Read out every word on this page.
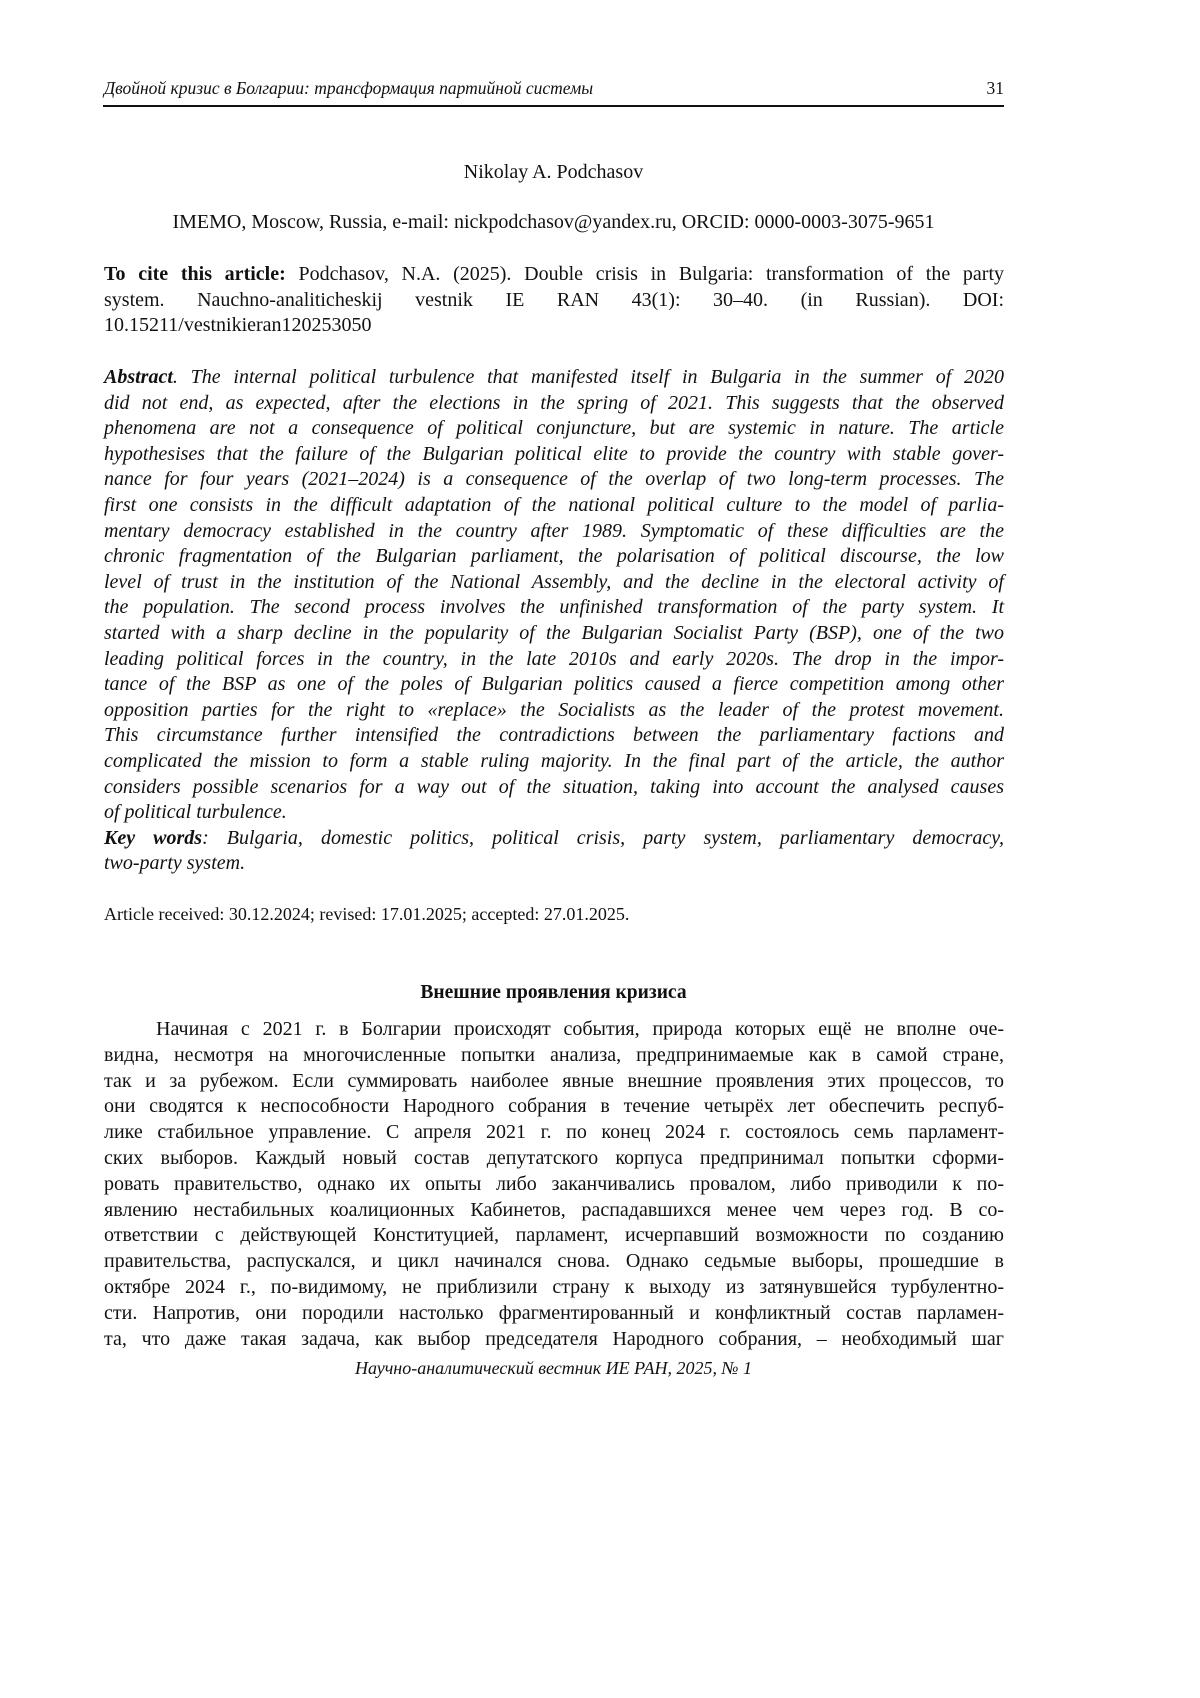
Двойной кризис в Болгарии: трансформация партийной системы	31
Nikolay A. Podchasov
IMEMO, Moscow, Russia, e-mail: nickpodchasov@yandex.ru, ORCID: 0000-0003-3075-9651
To cite this article: Podchasov, N.A. (2025). Double crisis in Bulgaria: transformation of the party
system. Nauchno-analiticheskij vestnik IE RAN 43(1): 30–40. (in Russian). DOI:
10.15211/vestnikieran120253050
Abstract. The internal political turbulence that manifested itself in Bulgaria in the summer of 2020
did not end, as expected, after the elections in the spring of 2021. This suggests that the observed
phenomena are not a consequence of political conjuncture, but are systemic in nature. The article
hypothesises that the failure of the Bulgarian political elite to provide the country with stable gover-
nance for four years (2021–2024) is a consequence of the overlap of two long-term processes. The
first one consists in the difficult adaptation of the national political culture to the model of parlia-
mentary democracy established in the country after 1989. Symptomatic of these difficulties are the
chronic fragmentation of the Bulgarian parliament, the polarisation of political discourse, the low
level of trust in the institution of the National Assembly, and the decline in the electoral activity of
the population. The second process involves the unfinished transformation of the party system. It
started with a sharp decline in the popularity of the Bulgarian Socialist Party (BSP), one of the two
leading political forces in the country, in the late 2010s and early 2020s. The drop in the impor-
tance of the BSP as one of the poles of Bulgarian politics caused a fierce competition among other
opposition parties for the right to «replace» the Socialists as the leader of the protest movement.
This circumstance further intensified the contradictions between the parliamentary factions and
complicated the mission to form a stable ruling majority. In the final part of the article, the author
considers possible scenarios for a way out of the situation, taking into account the analysed causes
of political turbulence.
Key words: Bulgaria, domestic politics, political crisis, party system, parliamentary democracy,
two-party system.
Article received: 30.12.2024; revised: 17.01.2025; accepted: 27.01.2025.
Внешние проявления кризиса
Начиная с 2021 г. в Болгарии происходят события, природа которых ещё не вполне оче-
видна, несмотря на многочисленные попытки анализа, предпринимаемые как в самой стране,
так и за рубежом. Если суммировать наиболее явные внешние проявления этих процессов, то
они сводятся к неспособности Народного собрания в течение четырёх лет обеспечить респуб-
лике стабильное управление. С апреля 2021 г. по конец 2024 г. состоялось семь парламент-
ских выборов. Каждый новый состав депутатского корпуса предпринимал попытки сформи-
ровать правительство, однако их опыты либо заканчивались провалом, либо приводили к по-
явлению нестабильных коалиционных Кабинетов, распадавшихся менее чем через год. В со-
ответствии с действующей Конституцией, парламент, исчерпавший возможности по созданию
правительства, распускался, и цикл начинался снова. Однако седьмые выборы, прошедшие в
октябре 2024 г., по-видимому, не приблизили страну к выходу из затянувшейся турбулентно-
сти. Напротив, они породили настолько фрагментированный и конфликтный состав парламен-
та, что даже такая задача, как выбор председателя Народного собрания, – необходимый шаг
Научно-аналитический вестник ИЕ РАН, 2025, № 1
